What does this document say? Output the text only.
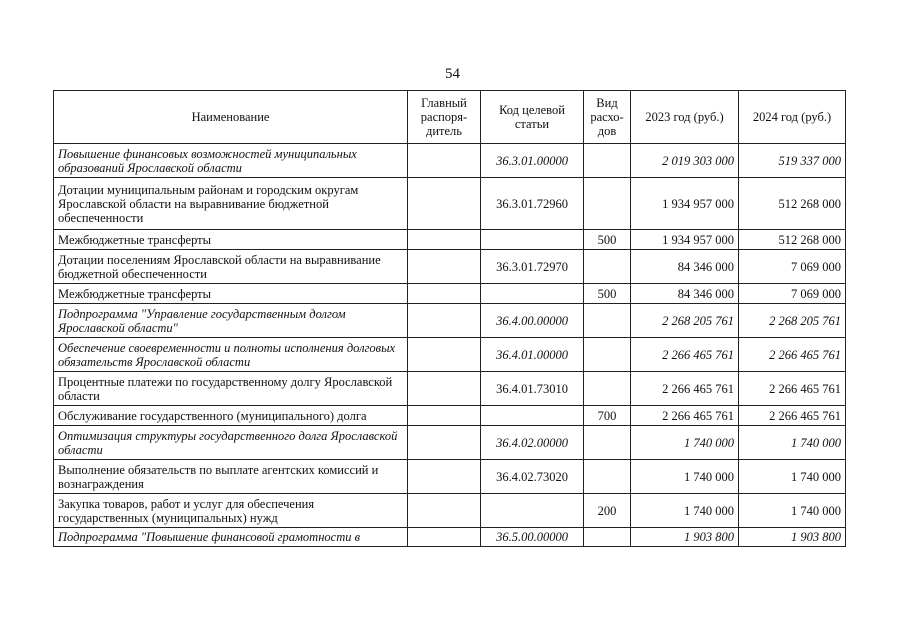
54
Наименование	Главный распоря-дитель	Код целевой статьи	Вид расхо-дов	2023 год (руб.)	2024 год (руб.)
Повышение финансовых возможностей муниципальных образований Ярославской области		36.3.01.00000		2 019 303 000	519 337 000
Дотации муниципальным районам и городским округам Ярославской области на выравнивание бюджетной обеспеченности		36.3.01.72960		1 934 957 000	512 268 000
Межбюджетные трансферты			500	1 934 957 000	512 268 000
Дотации поселениям Ярославской области на выравнивание бюджетной обеспеченности		36.3.01.72970		84 346 000	7 069 000
Межбюджетные трансферты			500	84 346 000	7 069 000
Подпрограмма "Управление государственным долгом Ярославской области"		36.4.00.00000		2 268 205 761	2 268 205 761
Обеспечение своевременности и полноты исполнения долговых обязательств Ярославской области		36.4.01.00000		2 266 465 761	2 266 465 761
Процентные платежи по государственному долгу Ярославской области		36.4.01.73010		2 266 465 761	2 266 465 761
Обслуживание государственного (муниципального) долга			700	2 266 465 761	2 266 465 761
Оптимизация структуры государственного долга Ярославской области		36.4.02.00000		1 740 000	1 740 000
Выполнение обязательств по выплате агентских комиссий и вознаграждения		36.4.02.73020		1 740 000	1 740 000
Закупка товаров, работ и услуг для обеспечения государственных (муниципальных) нужд			200	1 740 000	1 740 000
Подпрограмма "Повышение финансовой грамотности в		36.5.00.00000		1 903 800	1 903 800
